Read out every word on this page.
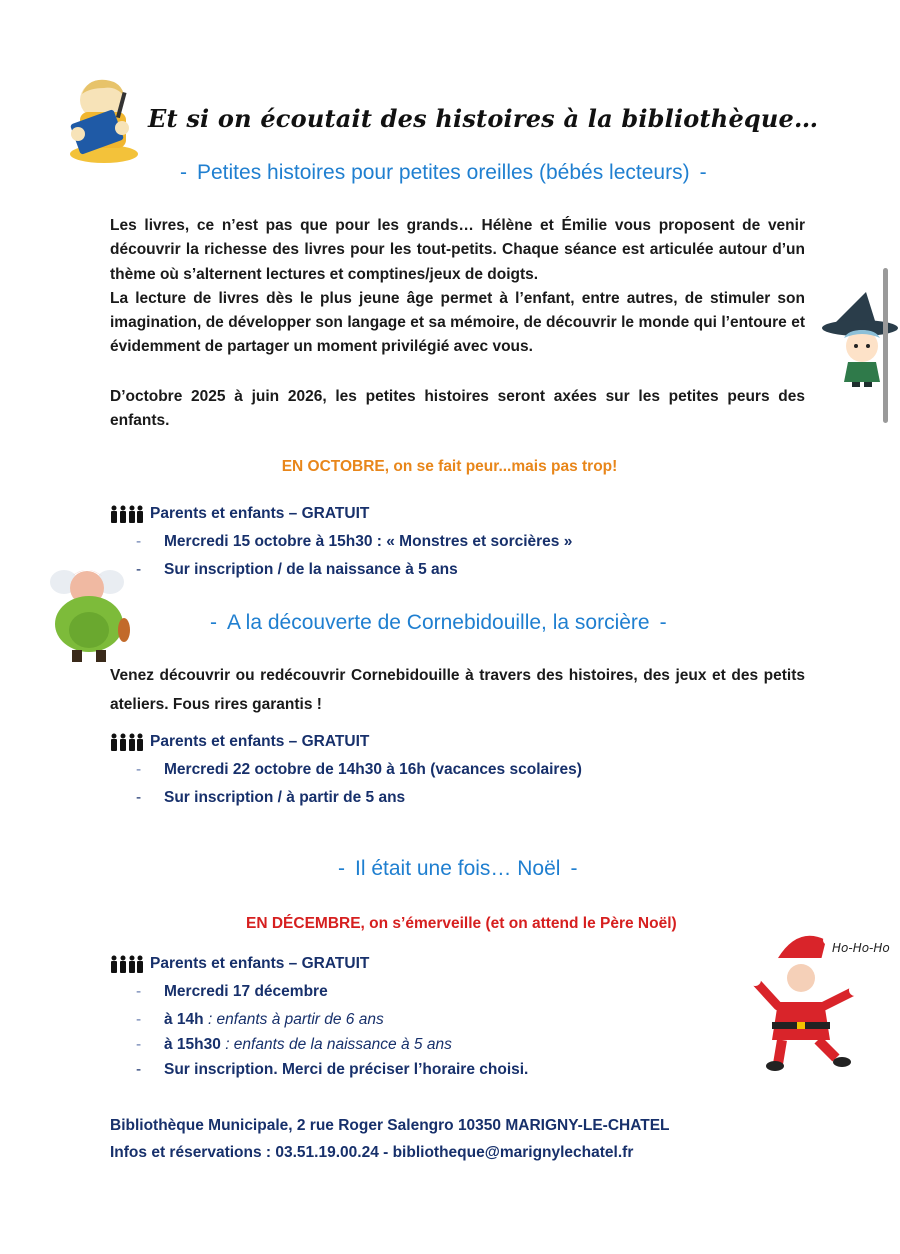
Et si on écoutait des histoires à la bibliothèque…
- Petites histoires pour petites oreilles (bébés lecteurs) -

Les livres, ce n’est pas que pour les grands… Hélène et Émilie vous proposent de venir découvrir la richesse des livres pour les tout-petits. Chaque séance est articulée autour d’un thème où s’alternent lectures et comptines/jeux de doigts.

La lecture de livres dès le plus jeune âge permet à l’enfant, entre autres, de stimuler son imagination, de développer son langage et sa mémoire, de découvrir le monde qui l’entoure et évidemment de partager un moment privilégié avec vous.

D’octobre 2025 à juin 2026, les petites histoires seront axées sur les petites peurs des enfants.
EN OCTOBRE, on se fait peur...mais pas trop!
Parents et enfants – GRATUIT
- Mercredi 15 octobre à 15h30 : « Monstres et sorcières »
- Sur inscription / de la naissance à 5 ans
- A la découverte de Cornebidouille, la sorcière -
Venez découvrir ou redécouvrir Cornebidouille à travers des histoires, des jeux et des petits ateliers. Fous rires garantis !
Parents et enfants – GRATUIT
- Mercredi 22 octobre de 14h30 à 16h (vacances scolaires)
- Sur inscription / à partir de 5 ans
- Il était une fois… Noël -
EN DÉCEMBRE, on s’émerveille (et on attend le Père Noël)
Ho-Ho-Ho
Parents et enfants – GRATUIT
- Mercredi 17 décembre
- à 14h : enfants à partir de 6 ans
- à 15h30 : enfants de la naissance à 5 ans
- Sur inscription. Merci de préciser l’horaire choisi.
Bibliothèque Municipale, 2 rue Roger Salengro 10350 MARIGNY-LE-CHATEL
Infos et réservations : 03.51.19.00.24 - bibliotheque@marignylechatel.fr
